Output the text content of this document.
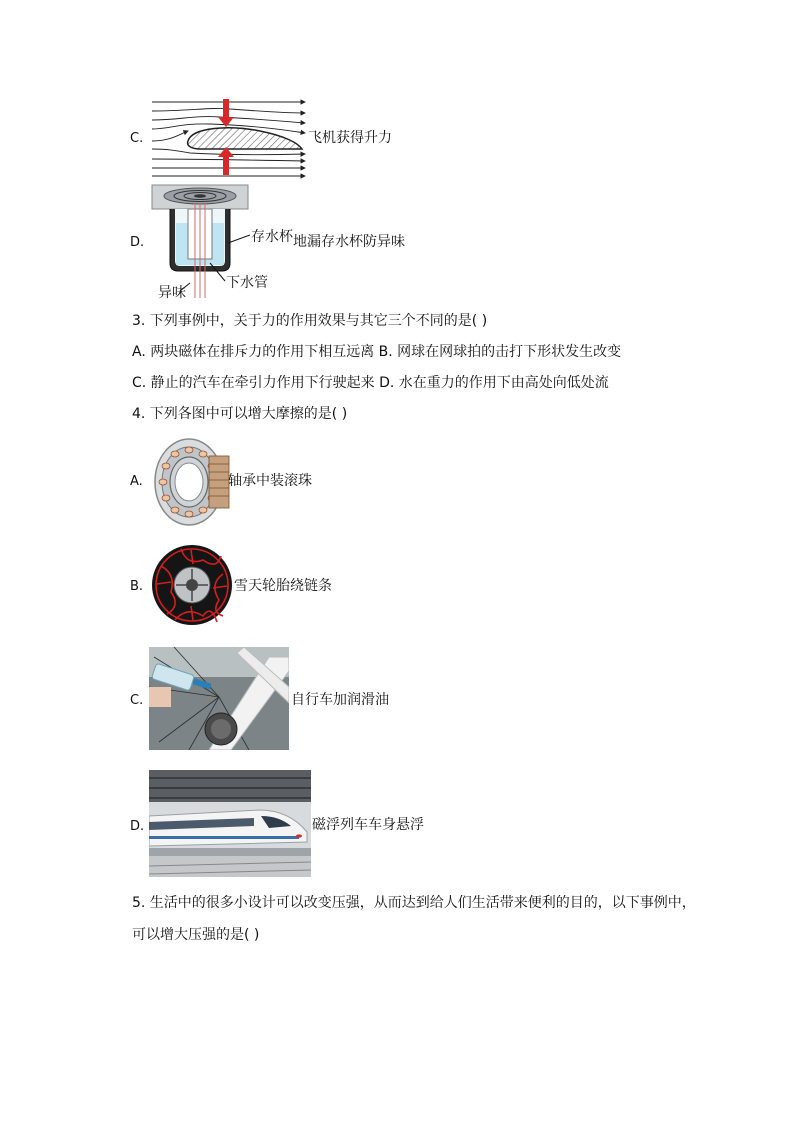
C.	飞机获得升力
D.	存水杯 地漏存水杯防异味
下水管
异味
3. 下列事例中，关于力的作用效果与其它三个不同的是( )
A. 两块磁体在排斥力的作用下相互远离 B. 网球在网球拍的击打下形状发生改变
C. 静止的汽车在牵引力作用下行驶起来 D. 水在重力的作用下由高处向低处流
4. 下列各图中可以增大摩擦的是( )
A.	轴承中装滚珠
B.	雪天轮胎绕链条
C.	自行车加润滑油
D.	磁浮列车车身悬浮
5. 生活中的很多小设计可以改变压强，从而达到给人们生活带来便利的目的，以下事例中，
可以增大压强的是( )
